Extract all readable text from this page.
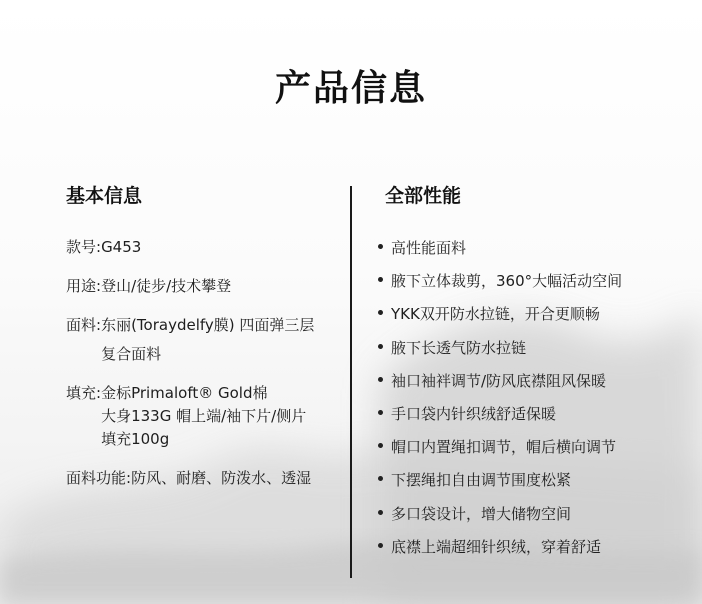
产品信息
基本信息	全部性能
款号: G453
用途: 登山/徒步/技术攀登
面料: 东丽(Toraydelfy膜) 四面弹三层
复合面料
填充: 金标Primaloft® Gold棉
大身133G 帽上端/袖下片/侧片
填充100g
面料功能: 防风、耐磨、防泼水、透湿
高性能面料
腋下立体裁剪，360°大幅活动空间
YKK双开防水拉链，开合更顺畅
腋下长透气防水拉链
袖口袖袢调节/防风底襟阻风保暖
手口袋内针织绒舒适保暖
帽口内置绳扣调节，帽后横向调节
下摆绳扣自由调节围度松紧
多口袋设计，增大储物空间
底襟上端超细针织绒，穿着舒适
